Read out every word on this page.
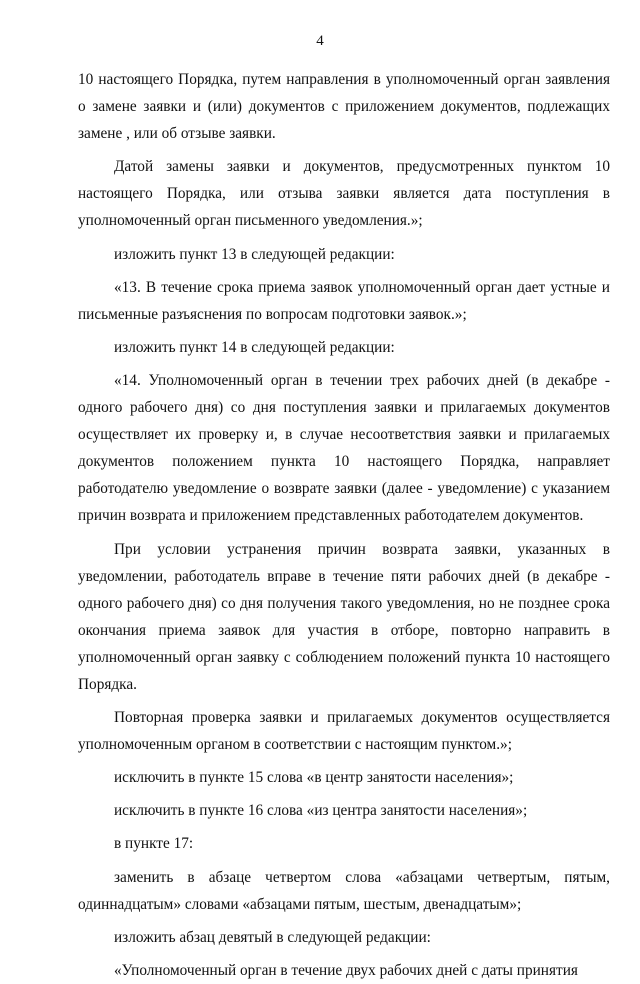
4

10 настоящего Порядка, путем направления в уполномоченный орган заявления о замене заявки и (или) документов с приложением документов, подлежащих замене , или об отзыве заявки.

Датой замены заявки и документов, предусмотренных пунктом 10 настоящего Порядка, или отзыва заявки является дата поступления в уполномоченный орган письменного уведомления.»;

изложить пункт 13 в следующей редакции:

«13. В течение срока приема заявок уполномоченный орган дает устные и письменные разъяснения по вопросам подготовки заявок.»;

изложить пункт 14 в следующей редакции:

«14. Уполномоченный орган в течении трех рабочих дней (в декабре - одного рабочего дня) со дня поступления заявки и прилагаемых документов осуществляет их проверку и, в случае несоответствия заявки и прилагаемых документов положением пункта 10 настоящего Порядка, направляет работодателю уведомление о возврате заявки (далее - уведомление) с указанием причин возврата и приложением представленных работодателем документов.

При условии устранения причин возврата заявки, указанных в уведомлении, работодатель вправе в течение пяти рабочих дней (в декабре - одного рабочего дня) со дня получения такого уведомления, но не позднее срока окончания приема заявок для участия в отборе, повторно направить в уполномоченный орган заявку с соблюдением положений пункта 10 настоящего Порядка.

Повторная проверка заявки и прилагаемых документов осуществляется уполномоченным органом в соответствии с настоящим пунктом.»;

исключить в пункте 15 слова «в центр занятости населения»;

исключить в пункте 16 слова «из центра занятости населения»;

в пункте 17:

заменить в абзаце четвертом слова «абзацами четвертым, пятым, одиннадцатым» словами «абзацами пятым, шестым, двенадцатым»;

изложить абзац девятый в следующей редакции:

«Уполномоченный орган в течение двух рабочих дней с даты принятия
